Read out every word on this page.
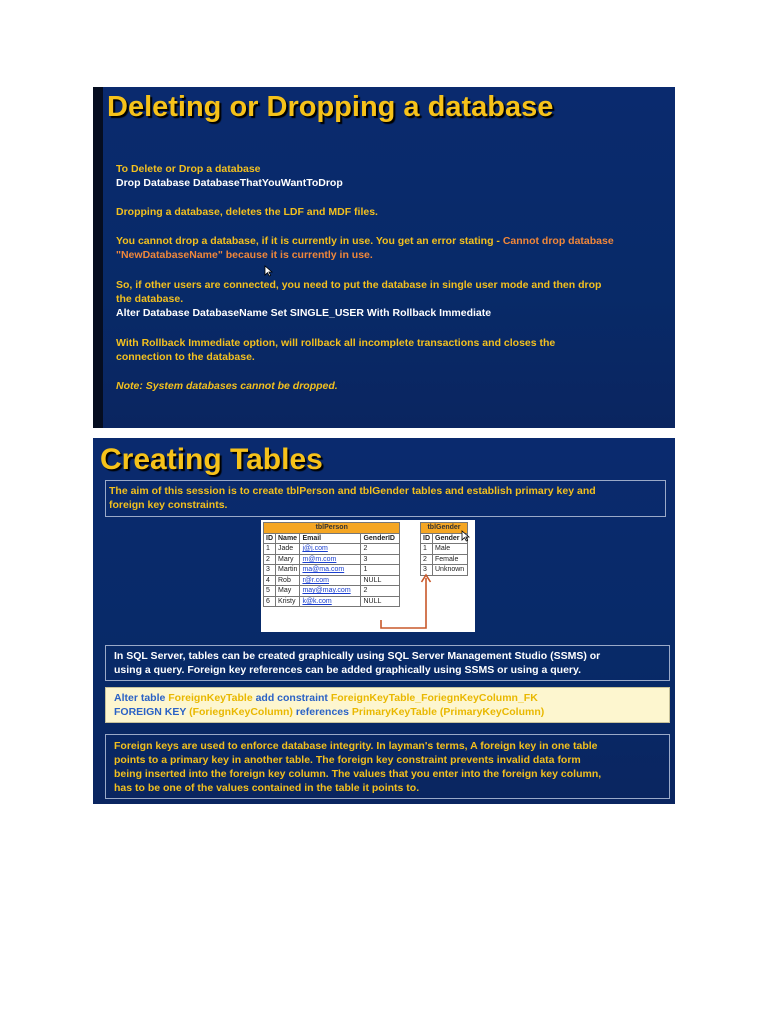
Deleting or Dropping a database
To Delete or Drop a database
Drop Database DatabaseThatYouWantToDrop
Dropping a database, deletes the LDF and MDF files.
You cannot drop a database, if it is currently in use. You get an error stating - Cannot drop database
"NewDatabaseName" because it is currently in use.
So, if other users are connected, you need to put the database in single user mode and then drop
the database.
Alter Database DatabaseName Set SINGLE_USER With Rollback Immediate
With Rollback Immediate option, will rollback all incomplete transactions and closes the
connection to the database.
Note: System databases cannot be dropped.
Creating Tables
The aim of this session is to create tblPerson and tblGender tables and establish primary key and
foreign key constraints.
tblPerson			
ID	Name	Email	GenderID
1	Jade	j@j.com	2
2	Mary	m@m.com	3
3	Martin	ma@ma.com	1
4	Rob	r@r.com	NULL
5	May	may@may.com	2
6	Kristy	k@k.com	NULL
tblGender	
ID	Gender
1	Male
2	Female
3	Unknown
In SQL Server, tables can be created graphically using SQL Server Management Studio (SSMS) or
using a query. Foreign key references can be added graphically using SSMS or using a query.
Alter table ForeignKeyTable add constraint ForeignKeyTable_ForiegnKeyColumn_FK
FOREIGN KEY (ForiegnKeyColumn) references PrimaryKeyTable (PrimaryKeyColumn)
Foreign keys are used to enforce database integrity. In layman's terms, A foreign key in one table
points to a primary key in another table. The foreign key constraint prevents invalid data form
being inserted into the foreign key column. The values that you enter into the foreign key column,
has to be one of the values contained in the table it points to.
